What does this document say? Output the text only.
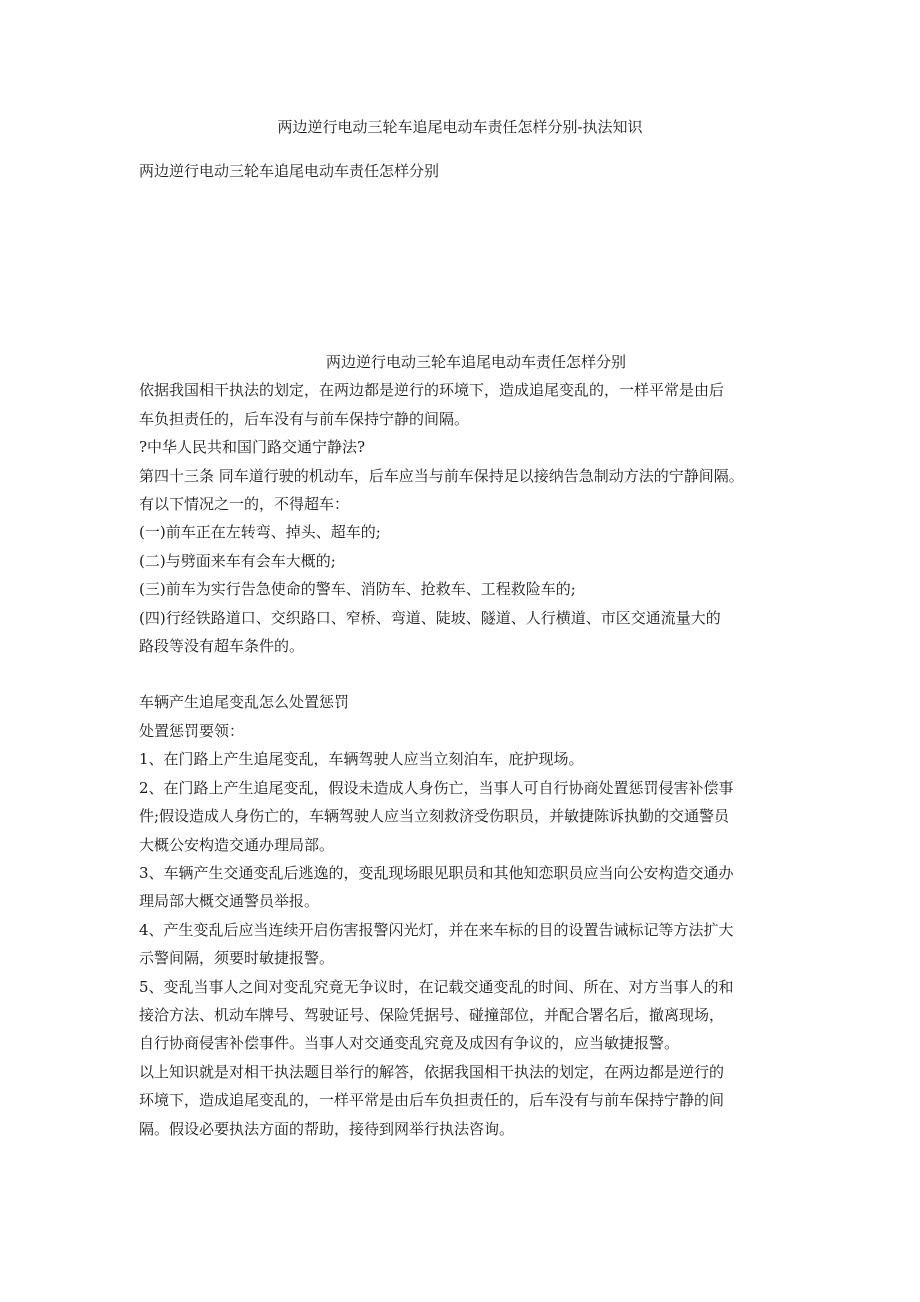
两边逆行电动三轮车追尾电动车责任怎样分别-执法知识

两边逆行电动三轮车追尾电动车责任怎样分别

两边逆行电动三轮车追尾电动车责任怎样分别

依据我国相干执法的划定，在两边都是逆行的环境下，造成追尾变乱的，一样平常是由后

车负担责任的，后车没有与前车保持宁静的间隔。

?中华人民共和国门路交通宁静法?

第四十三条 同车道行驶的机动车，后车应当与前车保持足以接纳告急制动方法的宁静间隔。

有以下情况之一的，不得超车：

(一)前车正在左转弯、掉头、超车的;

(二)与劈面来车有会车大概的;

(三)前车为实行告急使命的警车、消防车、抢救车、工程救险车的;

(四)行经铁路道口、交织路口、窄桥、弯道、陡坡、隧道、人行横道、市区交通流量大的

路段等没有超车条件的。

车辆产生追尾变乱怎么处置惩罚

处置惩罚要领：

1、在门路上产生追尾变乱，车辆驾驶人应当立刻泊车，庇护现场。

2、在门路上产生追尾变乱，假设未造成人身伤亡，当事人可自行协商处置惩罚侵害补偿事

件;假设造成人身伤亡的，车辆驾驶人应当立刻救济受伤职员，并敏捷陈诉执勤的交通警员

大概公安构造交通办理局部。

3、车辆产生交通变乱后逃逸的，变乱现场眼见职员和其他知恋职员应当向公安构造交通办

理局部大概交通警员举报。

4、产生变乱后应当连续开启伤害报警闪光灯，并在来车标的目的设置告诫标记等方法扩大

示警间隔，须要时敏捷报警。

5、变乱当事人之间对变乱究竟无争议时，在记载交通变乱的时间、所在、对方当事人的和

接洽方法、机动车牌号、驾驶证号、保险凭据号、碰撞部位，并配合署名后，撤离现场，

自行协商侵害补偿事件。当事人对交通变乱究竟及成因有争议的，应当敏捷报警。

以上知识就是对相干执法题目举行的解答，依据我国相干执法的划定，在两边都是逆行的

环境下，造成追尾变乱的，一样平常是由后车负担责任的，后车没有与前车保持宁静的间

隔。假设必要执法方面的帮助，接待到网举行执法咨询。
